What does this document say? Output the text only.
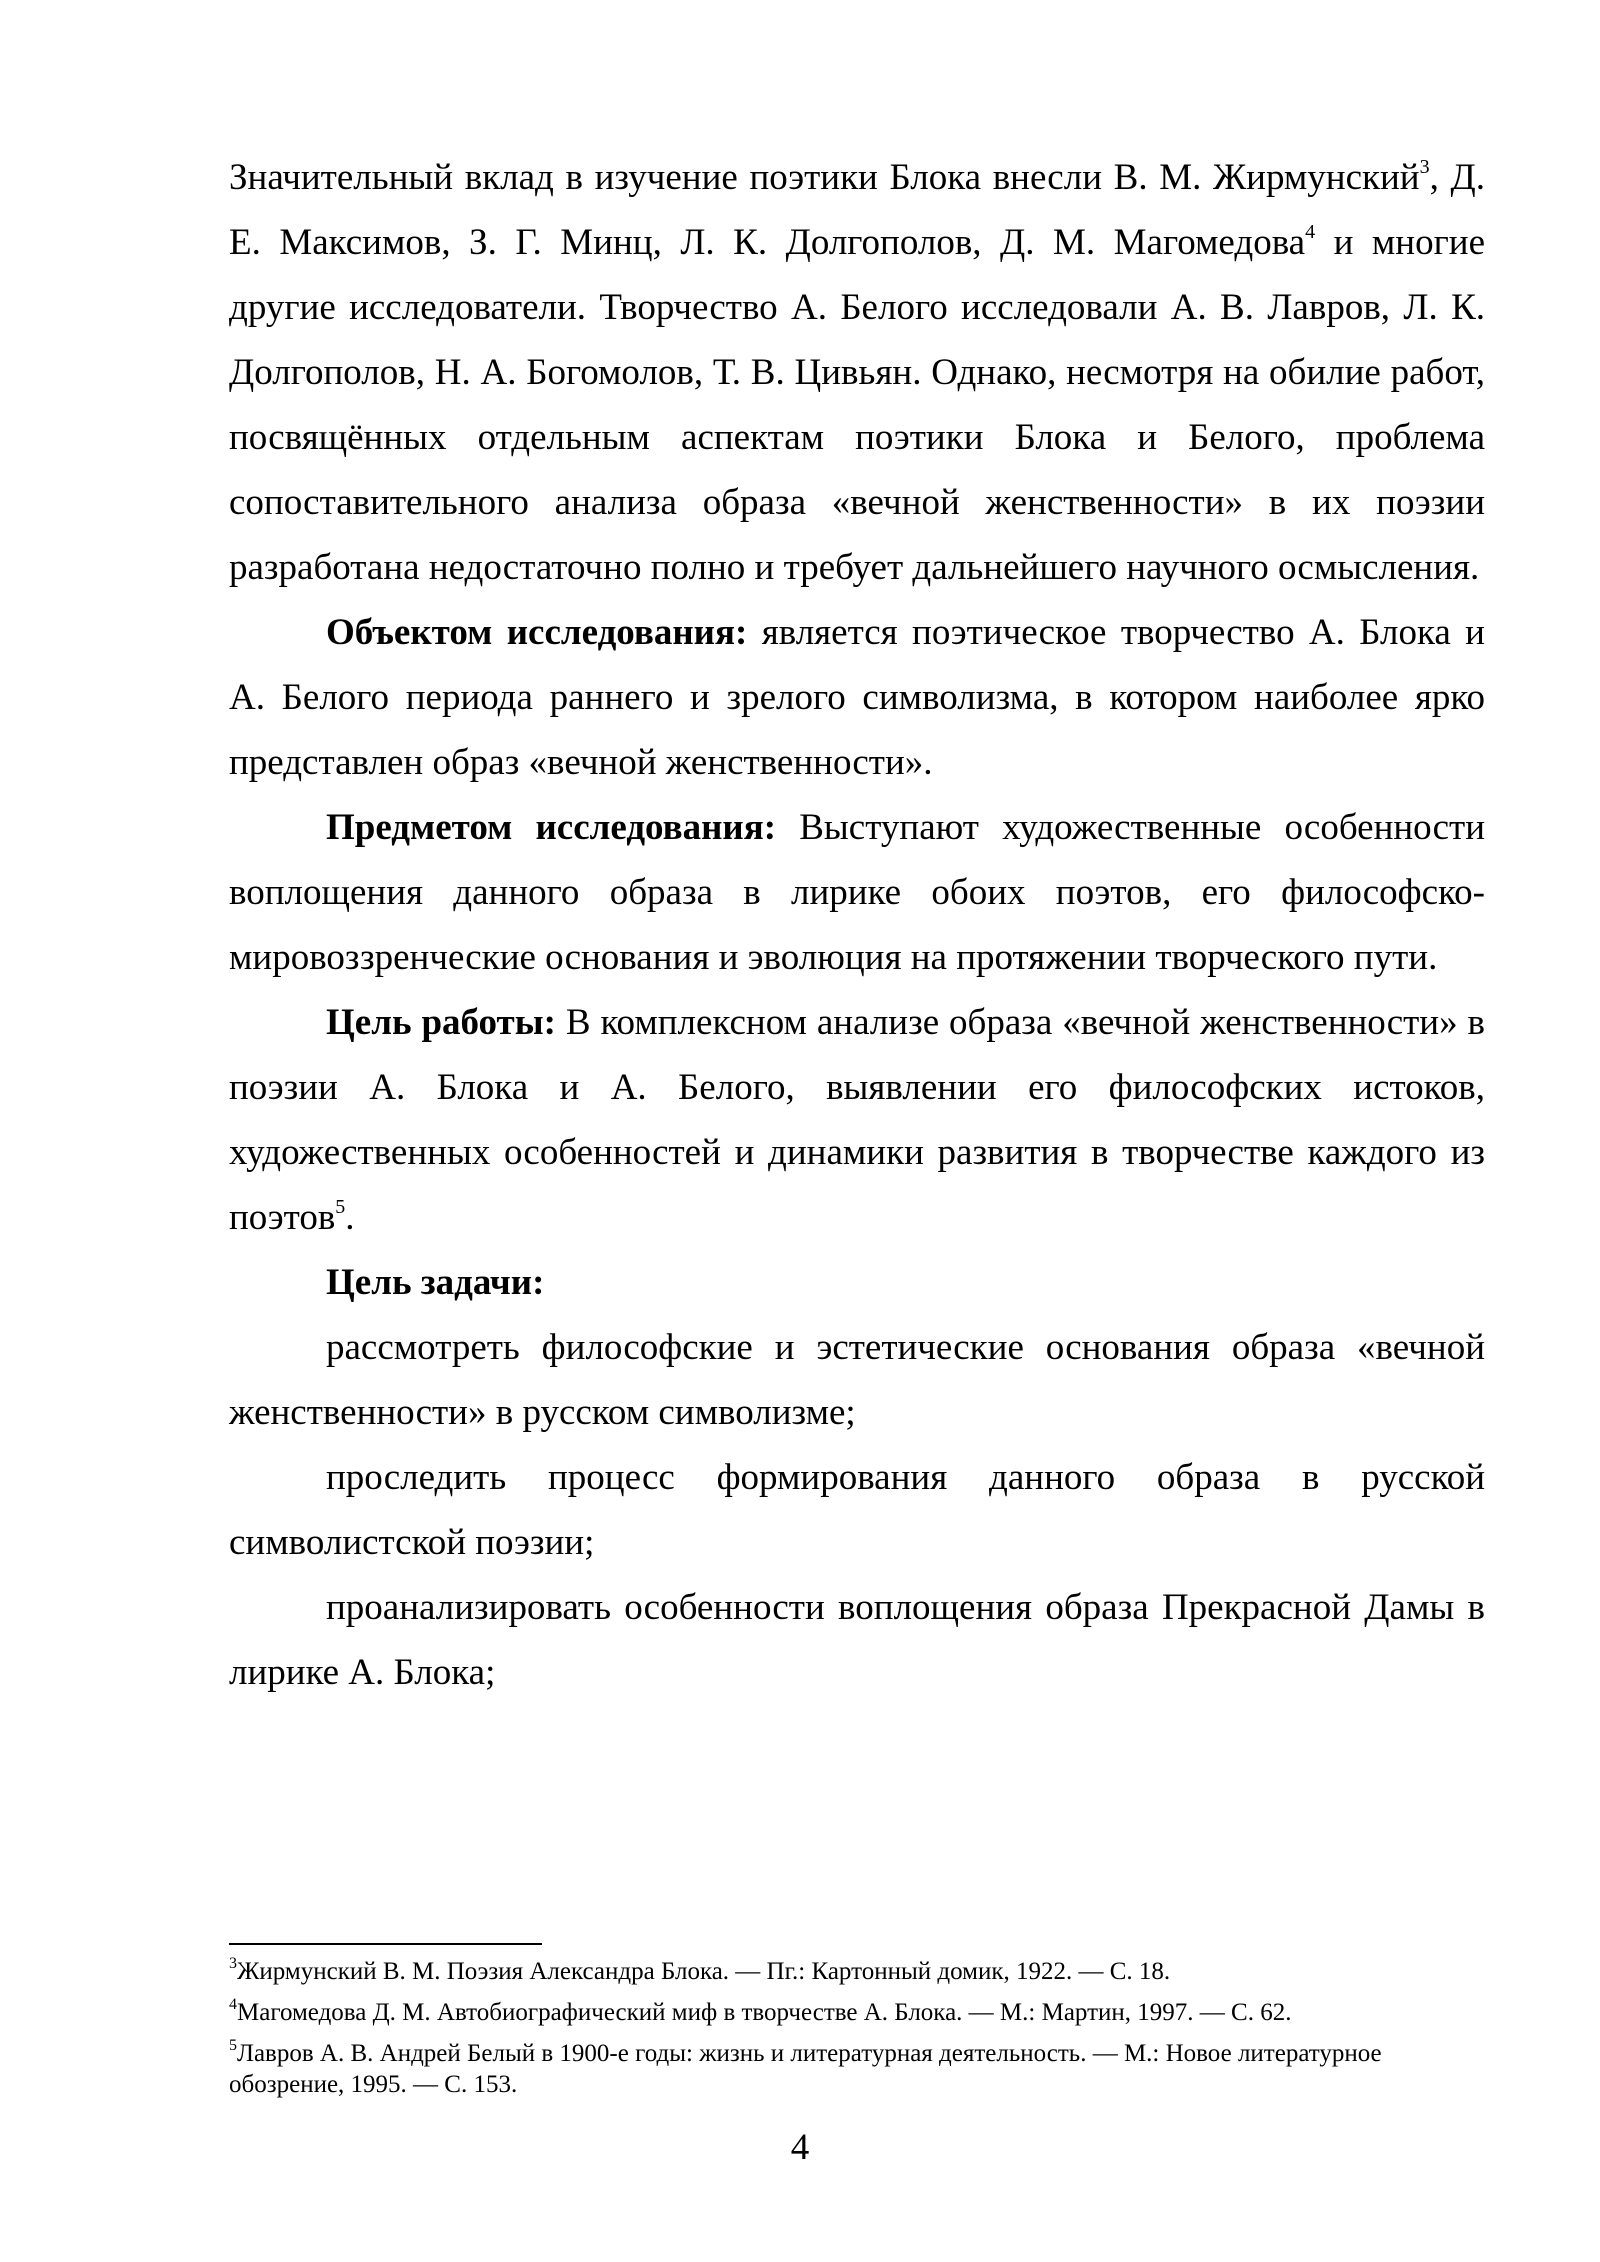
Значительный вклад в изучение поэтики Блока внесли В. М. Жирмунский$^3$, Д. Е. Максимов, З. Г. Минц, Л. К. Долгополов, Д. М. Магомедова$^4$ и многие другие исследователи. Творчество А. Белого исследовали А. В. Лавров, Л. К. Долгополов, Н. А. Богомолов, Т. В. Цивьян. Однако, несмотря на обилие работ, посвящённых отдельным аспектам поэтики Блока и Белого, проблема сопоставительного анализа образа «вечной женственности» в их поэзии разработана недостаточно полно и требует дальнейшего научного осмысления.

Объектом исследования: является поэтическое творчество А. Блока и А. Белого периода раннего и зрелого символизма, в котором наиболее ярко представлен образ «вечной женственности».

Предметом исследования: Выступают художественные особенности воплощения данного образа в лирике обоих поэтов, его философско-мировоззренческие основания и эволюция на протяжении творческого пути.

Цель работы: В комплексном анализе образа «вечной женственности» в поэзии А. Блока и А. Белого, выявлении его философских истоков, художественных особенностей и динамики развития в творчестве каждого из поэтов$^5$.

Цель задачи:

рассмотреть философские и эстетические основания образа «вечной женственности» в русском символизме;

проследить процесс формирования данного образа в русской символистской поэзии;

проанализировать особенности воплощения образа Прекрасной Дамы в лирике А. Блока;

$^3$Жирмунский В. М. Поэзия Александра Блока. — Пг.: Картонный домик, 1922. — С. 18.

$^4$Магомедова Д. М. Автобиографический миф в творчестве А. Блока. — М.: Мартин, 1997. — С. 62.

$^5$Лавров А. В. Андрей Белый в 1900-е годы: жизнь и литературная деятельность. — М.: Новое литературное обозрение, 1995. — С. 153.

4
